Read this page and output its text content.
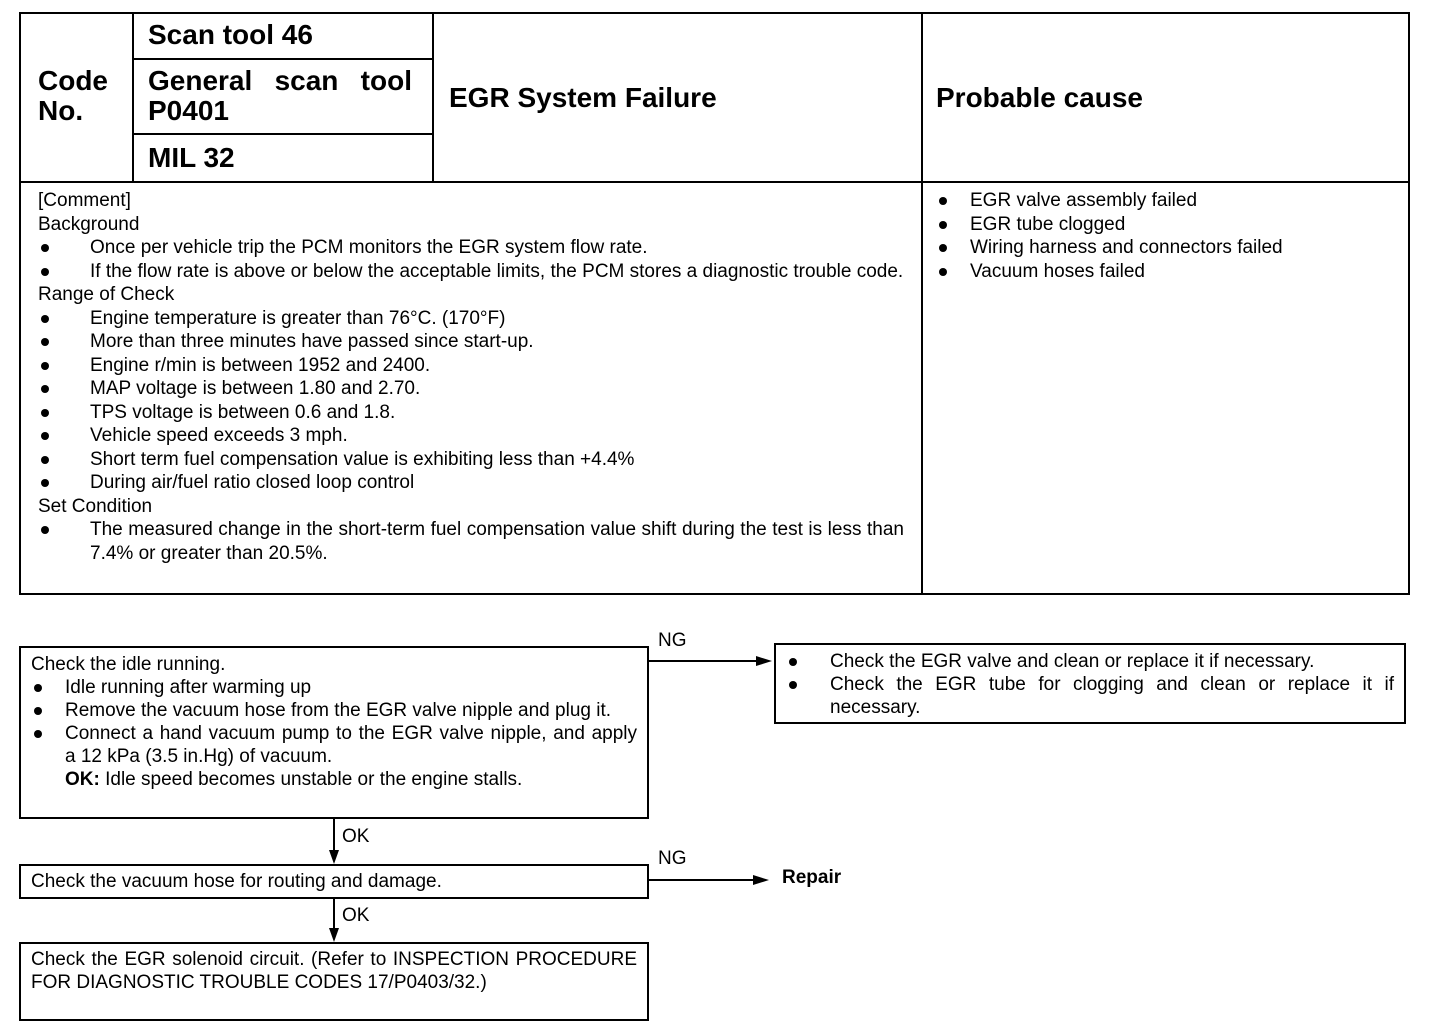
Code No.
Scan tool 46
General scan tool P0401
MIL 32
EGR System Failure	Probable cause
[Comment]
Background
Once per vehicle trip the PCM monitors the EGR system flow rate.
If the flow rate is above or below the acceptable limits, the PCM stores a diagnostic trouble code.
Range of Check
Engine temperature is greater than 76°C. (170°F)
More than three minutes have passed since start-up.
Engine r/min is between 1952 and 2400.
MAP voltage is between 1.80 and 2.70.
TPS voltage is between 0.6 and 1.8.
Vehicle speed exceeds 3 mph.
Short term fuel compensation value is exhibiting less than +4.4%
During air/fuel ratio closed loop control
Set Condition
The measured change in the short-term fuel compensation value shift during the test is less than 7.4% or greater than 20.5%.
EGR valve assembly failed
EGR tube clogged
Wiring harness and connectors failed
Vacuum hoses failed
Check the idle running.
Idle running after warming up
Remove the vacuum hose from the EGR valve nipple and plug it.
Connect a hand vacuum pump to the EGR valve nipple, and apply a 12 kPa (3.5 in.Hg) of vacuum.
OK: Idle speed becomes unstable or the engine stalls.
NG
Check the EGR valve and clean or replace it if necessary.
Check the EGR tube for clogging and clean or replace it if necessary.
OK
Check the vacuum hose for routing and damage.
NG
Repair
OK
Check the EGR solenoid circuit. (Refer to INSPECTION PROCEDURE FOR DIAGNOSTIC TROUBLE CODES 17/P0403/32.)
